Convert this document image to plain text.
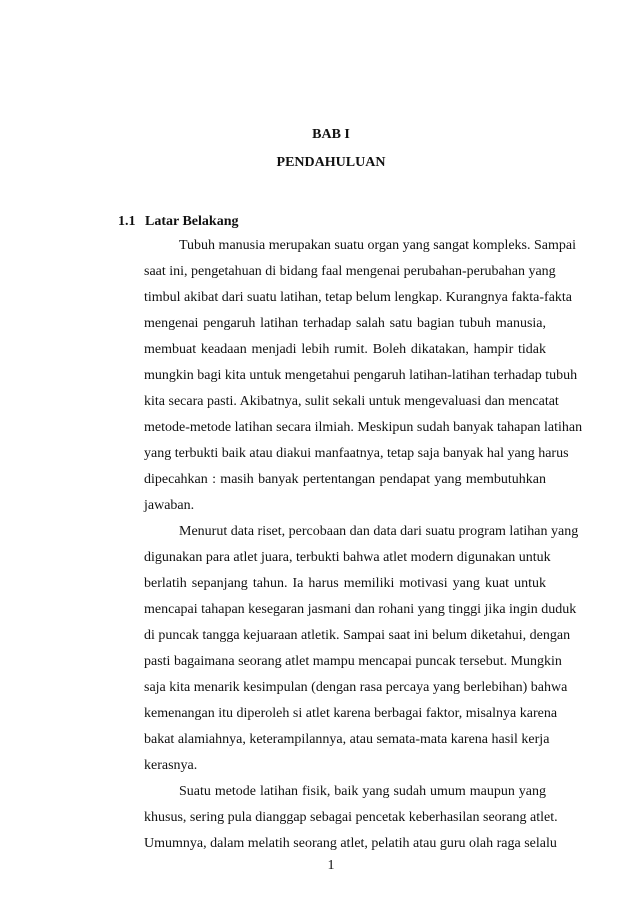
BAB I
PENDAHULUAN
1.1 Latar Belakang
Tubuh manusia merupakan suatu organ yang sangat kompleks. Sampai
saat ini, pengetahuan di bidang faal mengenai perubahan-perubahan yang
timbul akibat dari suatu latihan, tetap belum lengkap. Kurangnya fakta-fakta
mengenai pengaruh latihan terhadap salah satu bagian tubuh manusia,
membuat keadaan menjadi lebih rumit. Boleh dikatakan, hampir tidak
mungkin bagi kita untuk mengetahui pengaruh latihan-latihan terhadap tubuh
kita secara pasti. Akibatnya, sulit sekali untuk mengevaluasi dan mencatat
metode-metode latihan secara ilmiah. Meskipun sudah banyak tahapan latihan
yang terbukti baik atau diakui manfaatnya, tetap saja banyak hal yang harus
dipecahkan : masih banyak pertentangan pendapat yang membutuhkan
jawaban.
Menurut data riset, percobaan dan data dari suatu program latihan yang
digunakan para atlet juara, terbukti bahwa atlet modern digunakan untuk
berlatih sepanjang tahun. Ia harus memiliki motivasi yang kuat untuk
mencapai tahapan kesegaran jasmani dan rohani yang tinggi jika ingin duduk
di puncak tangga kejuaraan atletik. Sampai saat ini belum diketahui, dengan
pasti bagaimana seorang atlet mampu mencapai puncak tersebut. Mungkin
saja kita menarik kesimpulan (dengan rasa percaya yang berlebihan) bahwa
kemenangan itu diperoleh si atlet karena berbagai faktor, misalnya karena
bakat alamiahnya, keterampilannya, atau semata-mata karena hasil kerja
kerasnya.
Suatu metode latihan fisik, baik yang sudah umum maupun yang
khusus, sering pula dianggap sebagai pencetak keberhasilan seorang atlet.
Umumnya, dalam melatih seorang atlet, pelatih atau guru olah raga selalu
1
